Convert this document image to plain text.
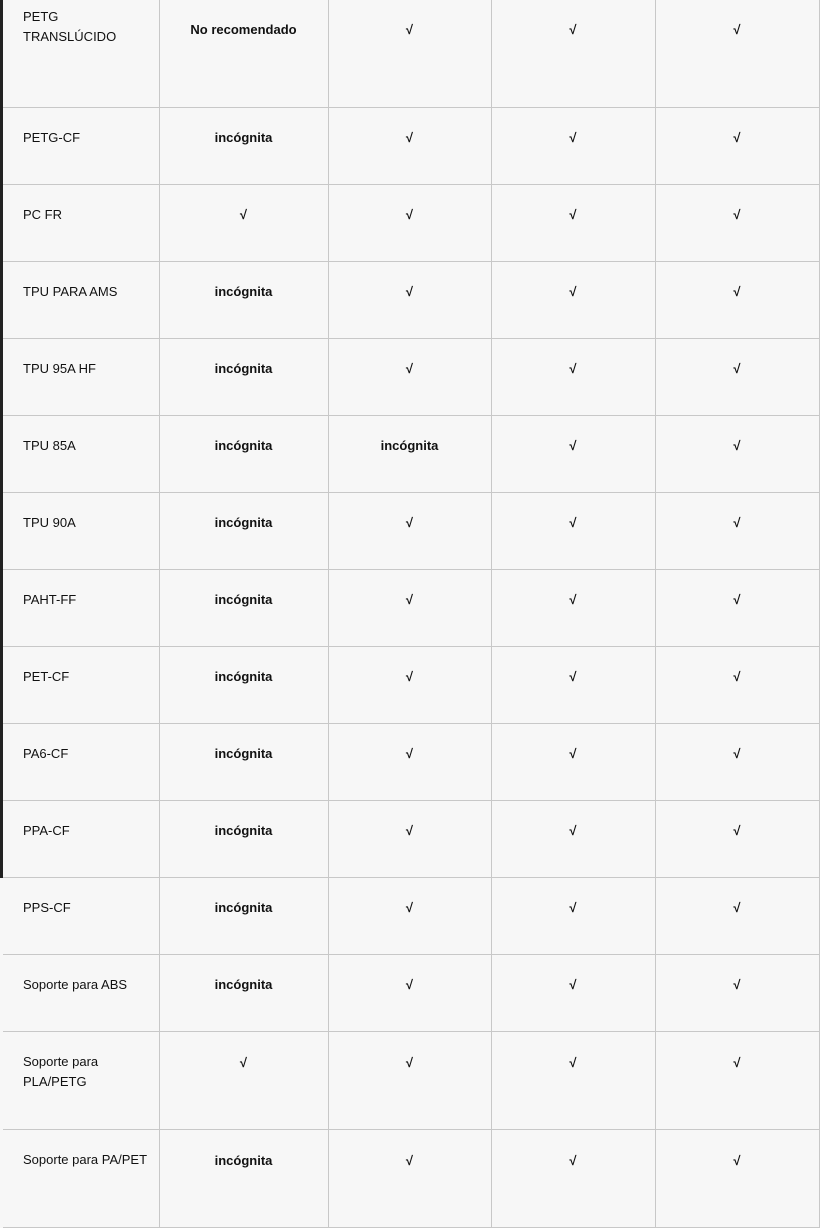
PETG TRANSLÚCIDO	No recomendado	√	√	√
PETG-CF	incógnita	√	√	√
PC FR	√	√	√	√
TPU PARA AMS	incógnita	√	√	√
TPU 95A HF	incógnita	√	√	√
TPU 85A	incógnita	incógnita	√	√
TPU 90A	incógnita	√	√	√
PAHT-FF	incógnita	√	√	√
PET-CF	incógnita	√	√	√
PA6-CF	incógnita	√	√	√
PPA-CF	incógnita	√	√	√
PPS-CF	incógnita	√	√	√
Soporte para ABS	incógnita	√	√	√
Soporte para PLA/PETG	√	√	√	√
Soporte para PA/PET	incógnita	√	√	√
